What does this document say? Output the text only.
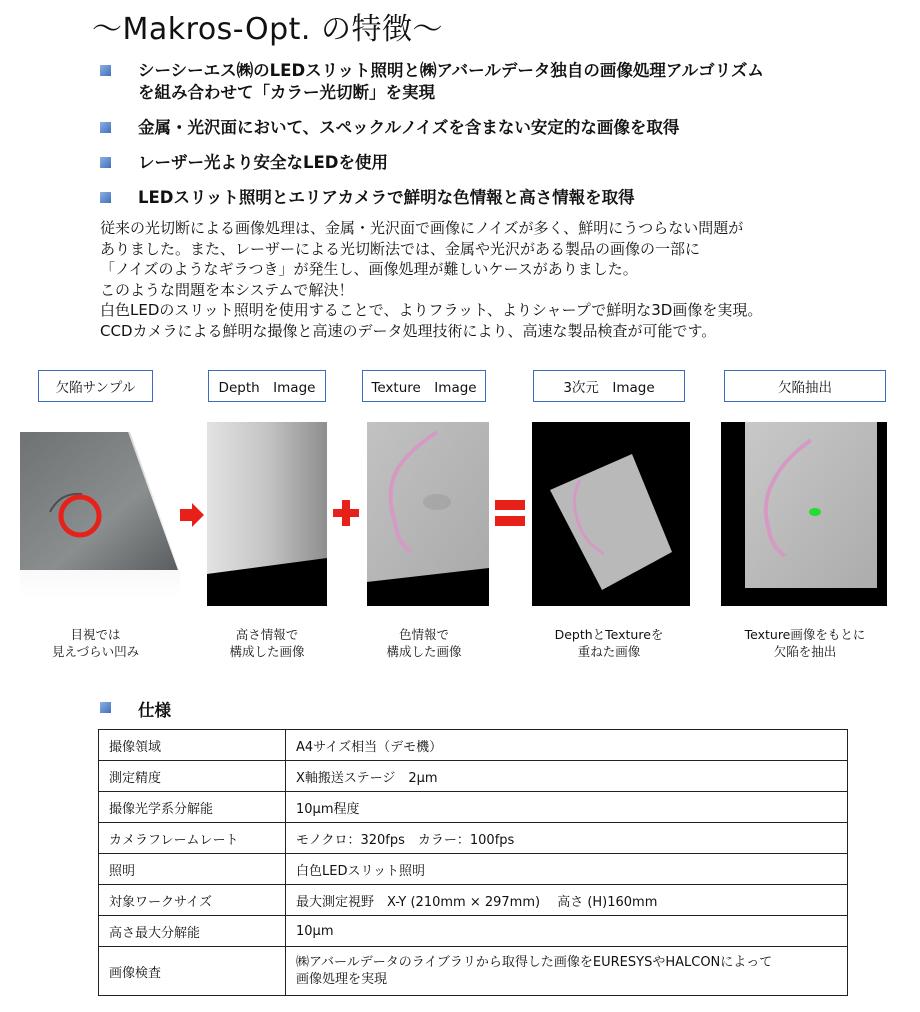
～Makros-Opt. の特徴～
シーシーエス㈱のLEDスリット照明と㈱アバールデータ独自の画像処理アルゴリズム
を組み合わせて「カラー光切断」を実現
金属・光沢面において、スペックルノイズを含まない安定的な画像を取得
レーザー光より安全なLEDを使用
LEDスリット照明とエリアカメラで鮮明な色情報と高さ情報を取得
従来の光切断による画像処理は、金属・光沢面で画像にノイズが多く、鮮明にうつらない問題が
ありました。また、レーザーによる光切断法では、金属や光沢がある製品の画像の一部に
「ノイズのようなギラつき」が発生し、画像処理が難しいケースがありました。
このような問題を本システムで解決！
白色LEDのスリット照明を使用することで、よりフラット、よりシャープで鮮明な3D画像を実現。
CCDカメラによる鮮明な撮像と高速のデータ処理技術により、高速な製品検査が可能です。
欠陥サンプル	Depth　Image	Texture　Image	3次元　Image	欠陥抽出
目視では
見えづらい凹み
高さ情報で
構成した画像
色情報で
構成した画像
DepthとTextureを
重ねた画像
Texture画像をもとに
欠陥を抽出
仕様
撮像領域	A4サイズ相当（デモ機）
測定精度	X軸搬送ステージ　2μm
撮像光学系分解能	10μm程度
カメラフレームレート	モノクロ：320fps　カラー：100fps
照明	白色LEDスリット照明
対象ワークサイズ	最大測定視野　X-Y (210mm × 297mm)　 高さ (H)160mm
高さ最大分解能	10μm
画像検査	㈱アバールデータのライブラリから取得した画像をEURESYSやHALCONによって
画像処理を実現
